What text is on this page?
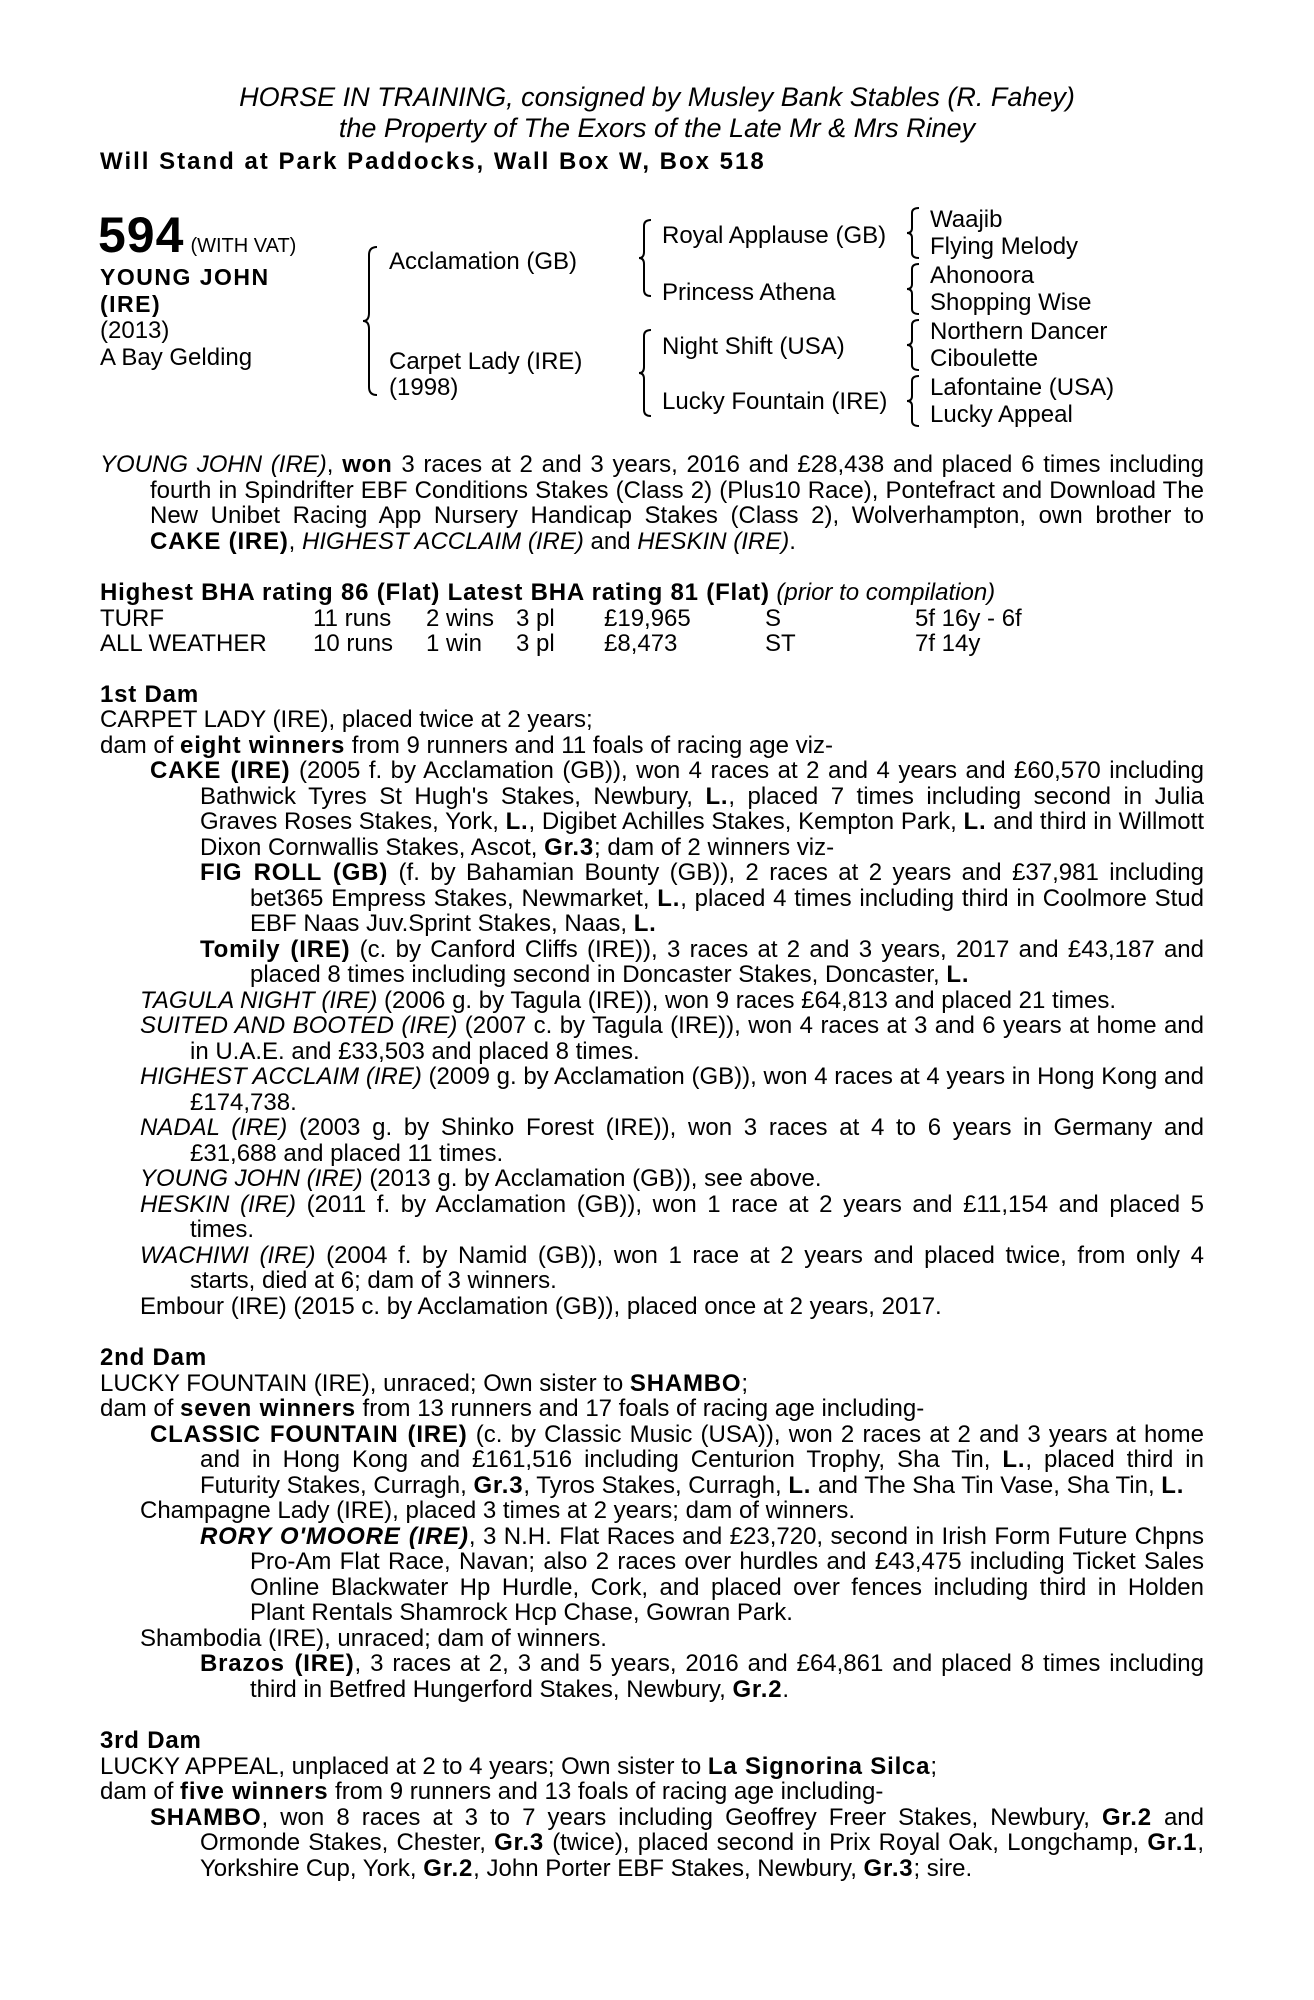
HORSE IN TRAINING, consigned by Musley Bank Stables (R. Fahey)
the Property of The Exors of the Late Mr & Mrs Riney
Will Stand at Park Paddocks, Wall Box W, Box 518
594 (WITH VAT)
YOUNG JOHN
(IRE)
(2013)
A Bay Gelding
Acclamation (GB)
Carpet Lady (IRE)
(1998)
Royal Applause (GB)
Princess Athena
Night Shift (USA)
Lucky Fountain (IRE)
Waajib
Flying Melody
Ahonoora
Shopping Wise
Northern Dancer
Ciboulette
Lafontaine (USA)
Lucky Appeal
YOUNG JOHN (IRE), won 3 races at 2 and 3 years, 2016 and £28,438 and placed 6 times including fourth in Spindrifter EBF Conditions Stakes (Class 2) (Plus10 Race), Pontefract and Download The New Unibet Racing App Nursery Handicap Stakes (Class 2), Wolverhampton, own brother to CAKE (IRE), HIGHEST ACCLAIM (IRE) and HESKIN (IRE).
Highest BHA rating 86 (Flat) Latest BHA rating 81 (Flat) (prior to compilation)
TURF	11 runs	2 wins	3 pl	£19,965	S	5f 16y - 6f
ALL WEATHER	10 runs	1 win	3 pl	£8,473	ST	7f 14y
1st Dam
CARPET LADY (IRE), placed twice at 2 years;
dam of eight winners from 9 runners and 11 foals of racing age viz-
CAKE (IRE) (2005 f. by Acclamation (GB)), won 4 races at 2 and 4 years and £60,570 including Bathwick Tyres St Hugh's Stakes, Newbury, L., placed 7 times including second in Julia Graves Roses Stakes, York, L., Digibet Achilles Stakes, Kempton Park, L. and third in Willmott Dixon Cornwallis Stakes, Ascot, Gr.3; dam of 2 winners viz-
FIG ROLL (GB) (f. by Bahamian Bounty (GB)), 2 races at 2 years and £37,981 including bet365 Empress Stakes, Newmarket, L., placed 4 times including third in Coolmore Stud EBF Naas Juv.Sprint Stakes, Naas, L.
Tomily (IRE) (c. by Canford Cliffs (IRE)), 3 races at 2 and 3 years, 2017 and £43,187 and placed 8 times including second in Doncaster Stakes, Doncaster, L.
TAGULA NIGHT (IRE) (2006 g. by Tagula (IRE)), won 9 races £64,813 and placed 21 times.
SUITED AND BOOTED (IRE) (2007 c. by Tagula (IRE)), won 4 races at 3 and 6 years at home and in U.A.E. and £33,503 and placed 8 times.
HIGHEST ACCLAIM (IRE) (2009 g. by Acclamation (GB)), won 4 races at 4 years in Hong Kong and £174,738.
NADAL (IRE) (2003 g. by Shinko Forest (IRE)), won 3 races at 4 to 6 years in Germany and £31,688 and placed 11 times.
YOUNG JOHN (IRE) (2013 g. by Acclamation (GB)), see above.
HESKIN (IRE) (2011 f. by Acclamation (GB)), won 1 race at 2 years and £11,154 and placed 5 times.
WACHIWI (IRE) (2004 f. by Namid (GB)), won 1 race at 2 years and placed twice, from only 4 starts, died at 6; dam of 3 winners.
Embour (IRE) (2015 c. by Acclamation (GB)), placed once at 2 years, 2017.
2nd Dam
LUCKY FOUNTAIN (IRE), unraced; Own sister to SHAMBO;
dam of seven winners from 13 runners and 17 foals of racing age including-
CLASSIC FOUNTAIN (IRE) (c. by Classic Music (USA)), won 2 races at 2 and 3 years at home and in Hong Kong and £161,516 including Centurion Trophy, Sha Tin, L., placed third in Futurity Stakes, Curragh, Gr.3, Tyros Stakes, Curragh, L. and The Sha Tin Vase, Sha Tin, L.
Champagne Lady (IRE), placed 3 times at 2 years; dam of winners.
RORY O'MOORE (IRE), 3 N.H. Flat Races and £23,720, second in Irish Form Future Chpns Pro-Am Flat Race, Navan; also 2 races over hurdles and £43,475 including Ticket Sales Online Blackwater Hp Hurdle, Cork, and placed over fences including third in Holden Plant Rentals Shamrock Hcp Chase, Gowran Park.
Shambodia (IRE), unraced; dam of winners.
Brazos (IRE), 3 races at 2, 3 and 5 years, 2016 and £64,861 and placed 8 times including third in Betfred Hungerford Stakes, Newbury, Gr.2.
3rd Dam
LUCKY APPEAL, unplaced at 2 to 4 years; Own sister to La Signorina Silca;
dam of five winners from 9 runners and 13 foals of racing age including-
SHAMBO, won 8 races at 3 to 7 years including Geoffrey Freer Stakes, Newbury, Gr.2 and Ormonde Stakes, Chester, Gr.3 (twice), placed second in Prix Royal Oak, Longchamp, Gr.1, Yorkshire Cup, York, Gr.2, John Porter EBF Stakes, Newbury, Gr.3; sire.
